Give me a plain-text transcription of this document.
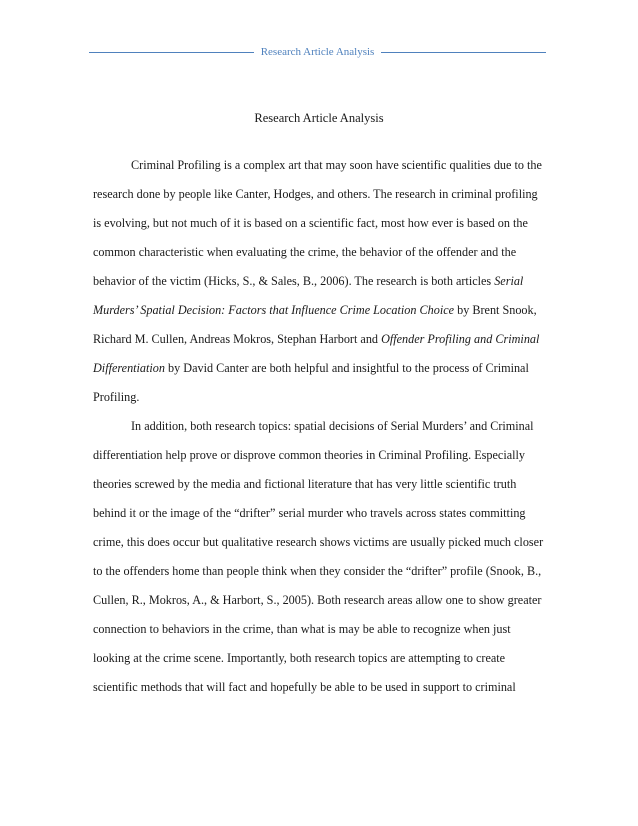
Research Article Analysis
Research Article Analysis

Criminal Profiling is a complex art that may soon have scientific qualities due to the research done by people like Canter, Hodges, and others. The research in criminal profiling is evolving, but not much of it is based on a scientific fact, most how ever is based on the common characteristic when evaluating the crime, the behavior of the offender and the behavior of the victim (Hicks, S., & Sales, B., 2006). The research is both articles Serial Murders’ Spatial Decision: Factors that Influence Crime Location Choice by Brent Snook, Richard M. Cullen, Andreas Mokros, Stephan Harbort and Offender Profiling and Criminal Differentiation by David Canter are both helpful and insightful to the process of Criminal Profiling.

In addition, both research topics: spatial decisions of Serial Murders’ and Criminal differentiation help prove or disprove common theories in Criminal Profiling. Especially theories screwed by the media and fictional literature that has very little scientific truth behind it or the image of the “drifter” serial murder who travels across states committing crime, this does occur but qualitative research shows victims are usually picked much closer to the offenders home than people think when they consider the “drifter” profile (Snook, B., Cullen, R., Mokros, A., & Harbort, S., 2005). Both research areas allow one to show greater connection to behaviors in the crime, than what is may be able to recognize when just looking at the crime scene. Importantly, both research topics are attempting to create scientific methods that will fact and hopefully be able to be used in support to criminal
